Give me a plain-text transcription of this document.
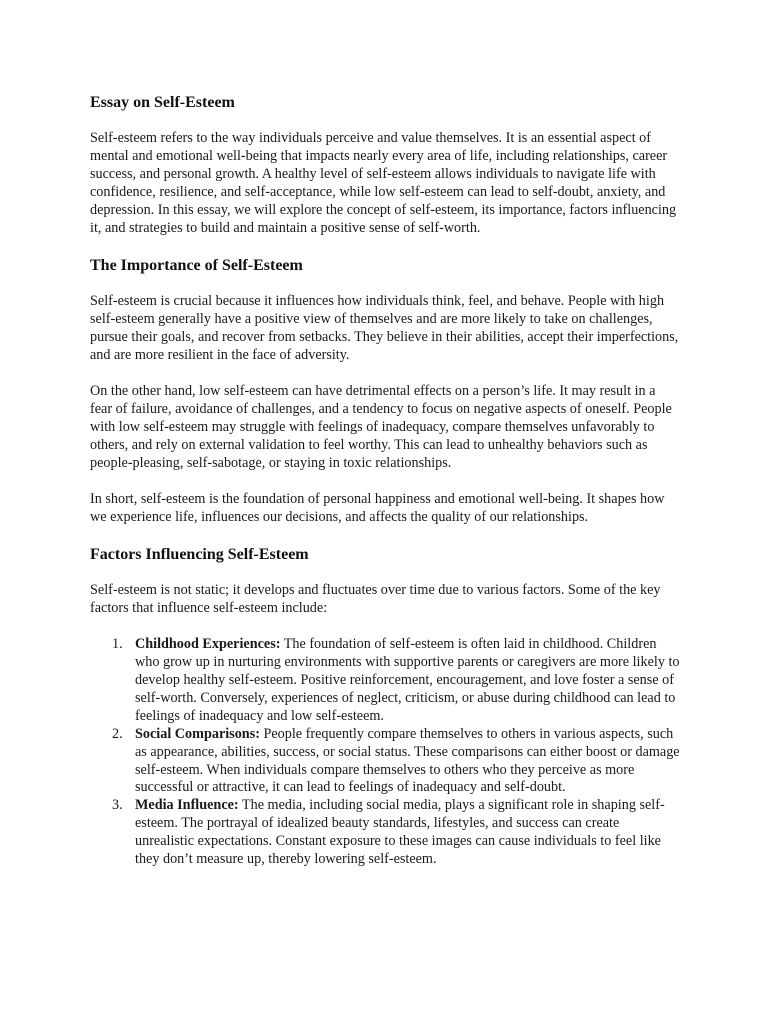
Essay on Self-Esteem

Self-esteem refers to the way individuals perceive and value themselves. It is an essential aspect of mental and emotional well-being that impacts nearly every area of life, including relationships, career success, and personal growth. A healthy level of self-esteem allows individuals to navigate life with confidence, resilience, and self-acceptance, while low self-esteem can lead to self-doubt, anxiety, and depression. In this essay, we will explore the concept of self-esteem, its importance, factors influencing it, and strategies to build and maintain a positive sense of self-worth.

The Importance of Self-Esteem

Self-esteem is crucial because it influences how individuals think, feel, and behave. People with high self-esteem generally have a positive view of themselves and are more likely to take on challenges, pursue their goals, and recover from setbacks. They believe in their abilities, accept their imperfections, and are more resilient in the face of adversity.

On the other hand, low self-esteem can have detrimental effects on a person’s life. It may result in a fear of failure, avoidance of challenges, and a tendency to focus on negative aspects of oneself. People with low self-esteem may struggle with feelings of inadequacy, compare themselves unfavorably to others, and rely on external validation to feel worthy. This can lead to unhealthy behaviors such as people-pleasing, self-sabotage, or staying in toxic relationships.

In short, self-esteem is the foundation of personal happiness and emotional well-being. It shapes how we experience life, influences our decisions, and affects the quality of our relationships.

Factors Influencing Self-Esteem

Self-esteem is not static; it develops and fluctuates over time due to various factors. Some of the key factors that influence self-esteem include:

1. Childhood Experiences: The foundation of self-esteem is often laid in childhood. Children who grow up in nurturing environments with supportive parents or caregivers are more likely to develop healthy self-esteem. Positive reinforcement, encouragement, and love foster a sense of self-worth. Conversely, experiences of neglect, criticism, or abuse during childhood can lead to feelings of inadequacy and low self-esteem.
2. Social Comparisons: People frequently compare themselves to others in various aspects, such as appearance, abilities, success, or social status. These comparisons can either boost or damage self-esteem. When individuals compare themselves to others who they perceive as more successful or attractive, it can lead to feelings of inadequacy and self-doubt.
3. Media Influence: The media, including social media, plays a significant role in shaping self-esteem. The portrayal of idealized beauty standards, lifestyles, and success can create unrealistic expectations. Constant exposure to these images can cause individuals to feel like they don’t measure up, thereby lowering self-esteem.
